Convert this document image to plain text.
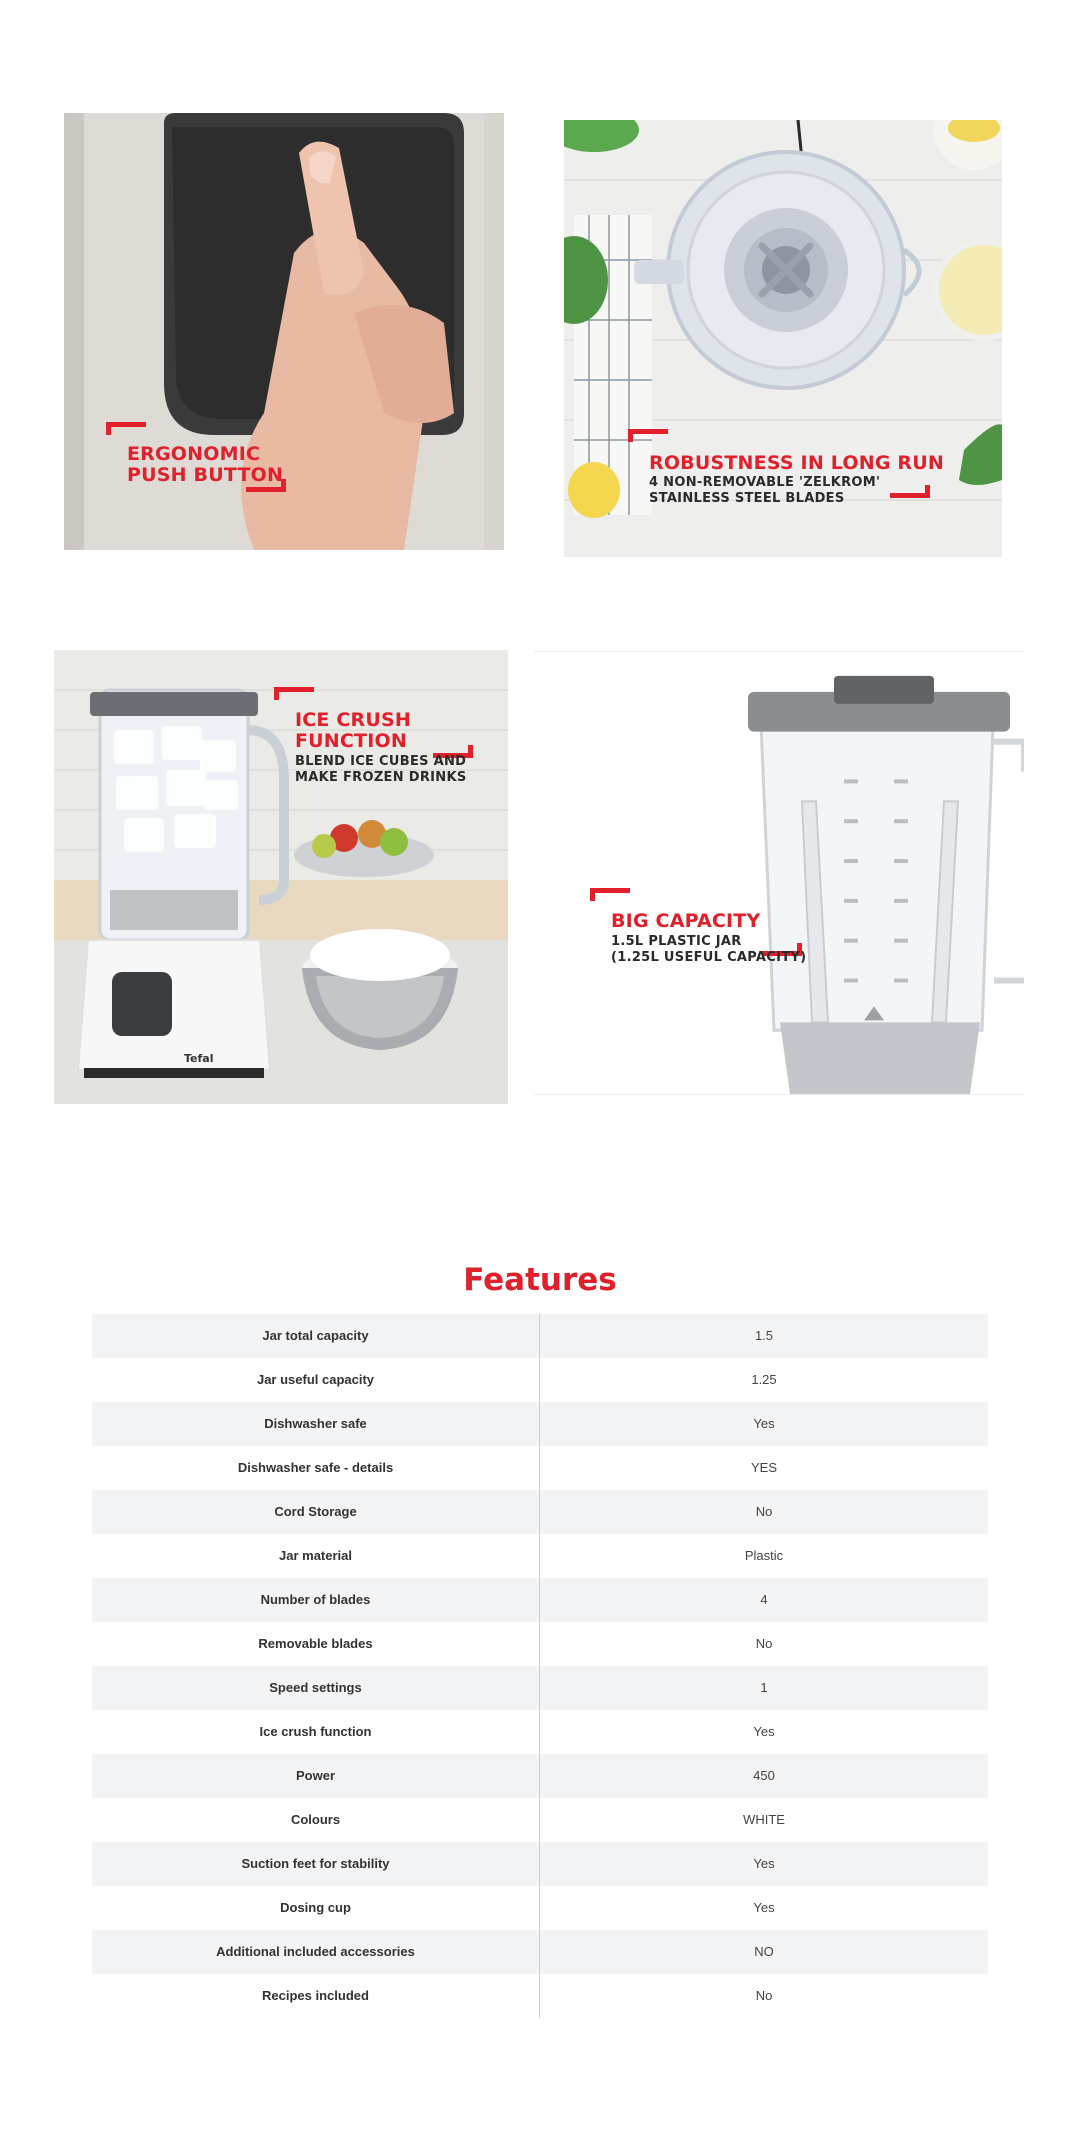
ERGONOMIC
PUSH BUTTON
ROBUSTNESS IN LONG RUN
4 NON-REMOVABLE 'ZELKROM'
STAINLESS STEEL BLADES
Tefal
ICE CRUSH
FUNCTION
BLEND ICE CUBES AND
MAKE FROZEN DRINKS
BIG CAPACITY
1.5L PLASTIC JAR
(1.25L USEFUL CAPACITY)
Features
Jar total capacity	1.5
Jar useful capacity	1.25
Dishwasher safe	Yes
Dishwasher safe - details	YES
Cord Storage	No
Jar material	Plastic
Number of blades	4
Removable blades	No
Speed settings	1
Ice crush function	Yes
Power	450
Colours	WHITE
Suction feet for stability	Yes
Dosing cup	Yes
Additional included accessories	NO
Recipes included	No
